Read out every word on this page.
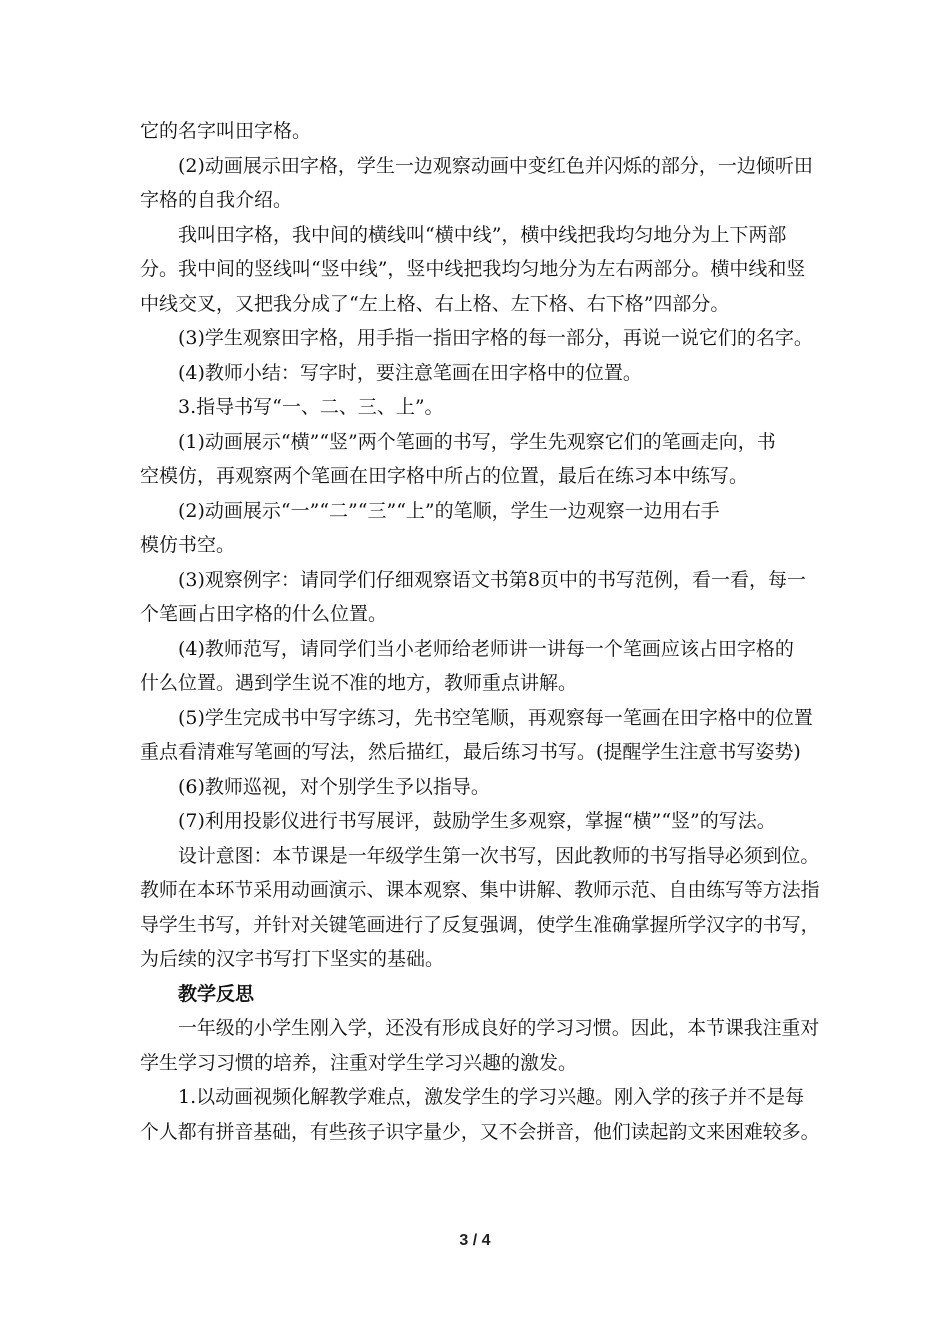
它的名字叫田字格。

(2)动画展示田字格，学生一边观察动画中变红色并闪烁的部分，一边倾听田

字格的自我介绍。

我叫田字格，我中间的横线叫“横中线”，横中线把我均匀地分为上下两部

分。我中间的竖线叫“竖中线”，竖中线把我均匀地分为左右两部分。横中线和竖

中线交叉，又把我分成了“左上格、右上格、左下格、右下格”四部分。

(3)学生观察田字格，用手指一指田字格的每一部分，再说一说它们的名字。

(4)教师小结：写字时，要注意笔画在田字格中的位置。

3.指导书写“一、二、三、上”。

(1)动画展示“横”“竖”两个笔画的书写，学生先观察它们的笔画走向，书

空模仿，再观察两个笔画在田字格中所占的位置，最后在练习本中练写。

(2)动画展示“一”“二”“三”“上”的笔顺，学生一边观察一边用右手

模仿书空。

(3)观察例字：请同学们仔细观察语文书第8页中的书写范例，看一看，每一

个笔画占田字格的什么位置。

(4)教师范写，请同学们当小老师给老师讲一讲每一个笔画应该占田字格的

什么位置。遇到学生说不准的地方，教师重点讲解。

(5)学生完成书中写字练习，先书空笔顺，再观察每一笔画在田字格中的位置

重点看清难写笔画的写法，然后描红，最后练习书写。(提醒学生注意书写姿势)

(6)教师巡视，对个别学生予以指导。

(7)利用投影仪进行书写展评，鼓励学生多观察，掌握“横”“竖”的写法。

设计意图：本节课是一年级学生第一次书写，因此教师的书写指导必须到位。

教师在本环节采用动画演示、课本观察、集中讲解、教师示范、自由练写等方法指

导学生书写，并针对关键笔画进行了反复强调，使学生准确掌握所学汉字的书写，

为后续的汉字书写打下坚实的基础。

教学反思

一年级的小学生刚入学，还没有形成良好的学习习惯。因此，本节课我注重对

学生学习习惯的培养，注重对学生学习兴趣的激发。

1.以动画视频化解教学难点，激发学生的学习兴趣。刚入学的孩子并不是每

个人都有拼音基础，有些孩子识字量少，又不会拼音，他们读起韵文来困难较多。

3 / 4
